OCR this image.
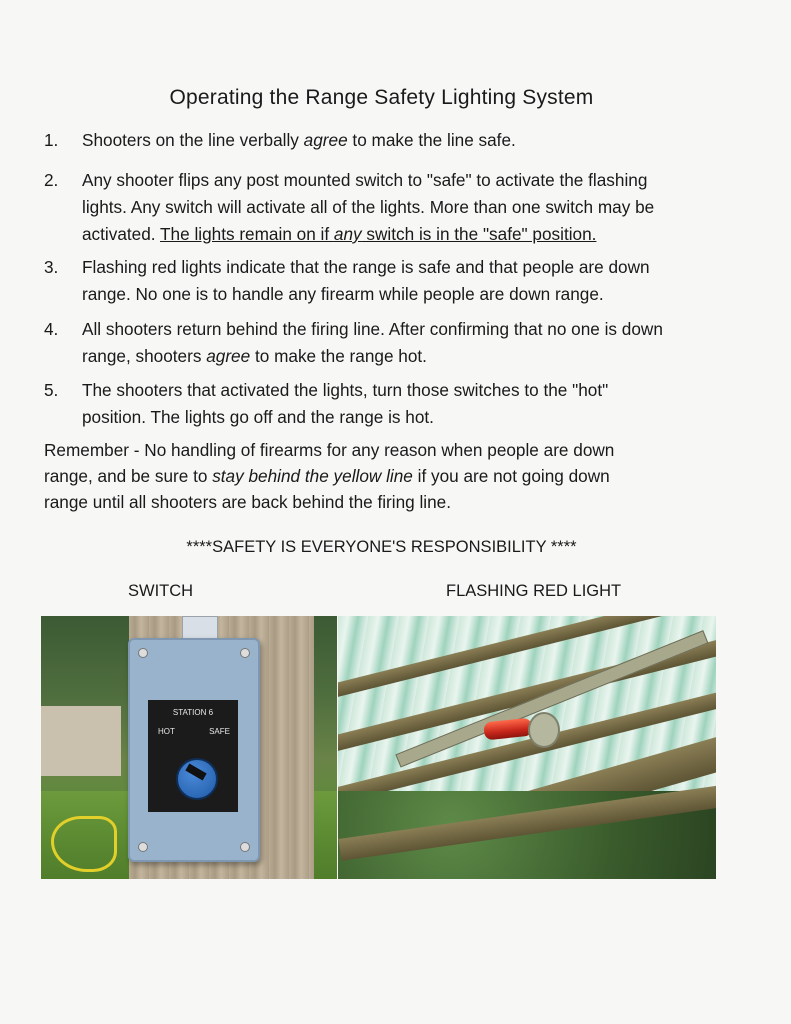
Operating the Range Safety Lighting System
1. Shooters on the line verbally agree to make the line safe.
2. Any shooter flips any post mounted switch to "safe" to activate the flashing
lights. Any switch will activate all of the lights. More than one switch may be
activated. The lights remain on if any switch is in the "safe" position.
3. Flashing red lights indicate that the range is safe and that people are down
range. No one is to handle any firearm while people are down range.
4. All shooters return behind the firing line. After confirming that no one is down
range, shooters agree to make the range hot.
5. The shooters that activated the lights, turn those switches to the "hot"
position. The lights go off and the range is hot.
Remember - No handling of firearms for any reason when people are down
range, and be sure to stay behind the yellow line if you are not going down
range until all shooters are back behind the firing line.
****SAFETY IS EVERYONE'S RESPONSIBILITY ****
SWITCH	FLASHING RED LIGHT
STATION 6
HOT	SAFE
